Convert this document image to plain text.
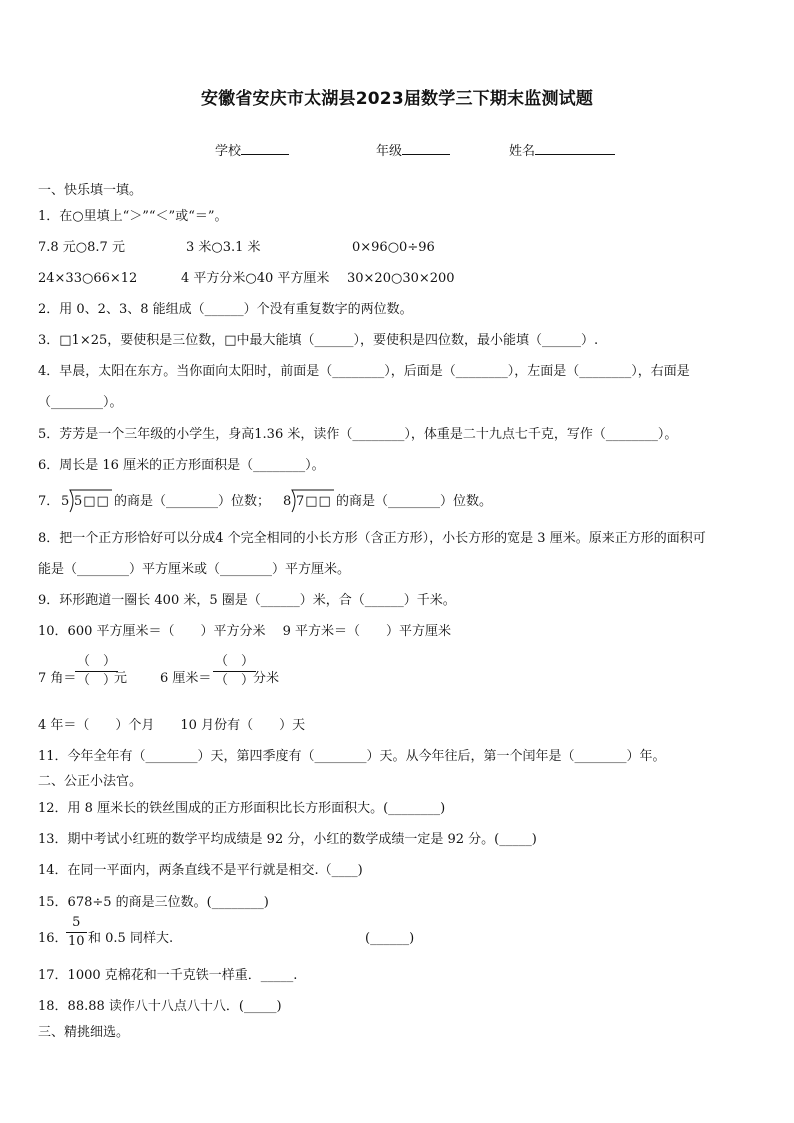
安徽省安庆市太湖县2023届数学三下期末监测试题
学校	年级	姓名
一、快乐填一填。
1．在○里填上“＞”“＜”或“＝”。
7.8 元○8.7 元	3 米○3.1 米	0×96○0÷96
24×33○66×12	4 平方分米○40 平方厘米 30×20○30×200
2．用 0、2、3、8 能组成（______）个没有重复数字的两位数。
3．□1×25，要使积是三位数，□中最大能填（______），要使积是四位数，最小能填（______）.
4．早晨，太阳在东方。当你面向太阳时，前面是（________），后面是（________），左面是（________），右面是
（________）。
5．芳芳是一个三年级的小学生，身高1.36 米，读作（________），体重是二十九点七千克，写作（________）。
6．周长是 16 厘米的正方形面积是（________）。
7． 5 5□□ 的商是（________）位数； 8 7□□ 的商是（________）位数。
8．把一个正方形恰好可以分成4 个完全相同的小长方形（含正方形），小长方形的宽是 3 厘米。原来正方形的面积可
能是（________）平方厘米或（________）平方厘米。
9．环形跑道一圈长 400 米，5 圈是（______）米，合（______）千米。
10．600 平方厘米＝（　　）平方分米　 9 平方米＝（　　）平方厘米
7 角＝
（　）
（　）
元	6 厘米＝
（　）
（　）
分米
4 年＝（　　）个月　　10 月份有（　　）天
11．今年全年有（________）天，第四季度有（________）天。从今年往后，第一个闰年是（________）年。
二、公正小法官。
12．用 8 厘米长的铁丝围成的正方形面积比长方形面积大。(________)
13．期中考试小红班的数学平均成绩是 92 分，小红的数学成绩一定是 92 分。(_____)
14．在同一平面内，两条直线不是平行就是相交.（____)
15．678÷5 的商是三位数。(________)
16．
5
10 和 0.5 同样大.	(______)
17．1000 克棉花和一千克铁一样重．_____.
18．88.88 读作八十八点八十八．(_____)
三、精挑细选。
